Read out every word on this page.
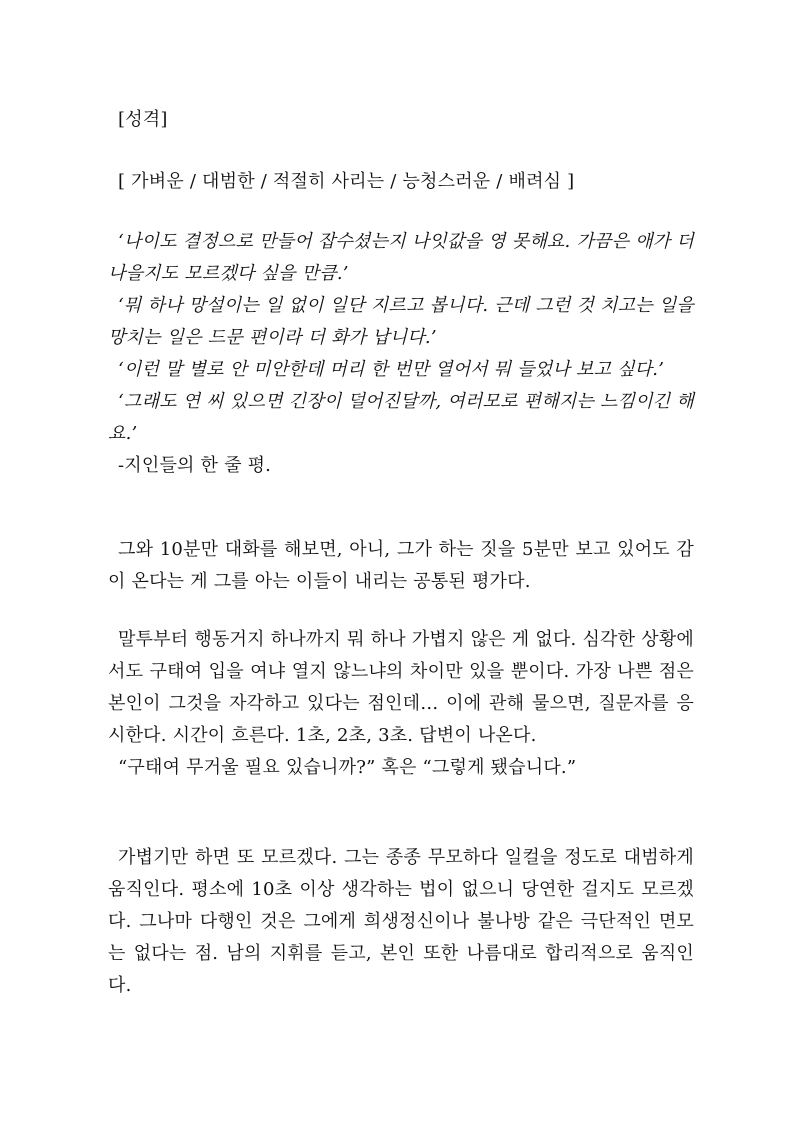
[성격]

[ 가벼운 / 대범한 / 적절히 사리는 / 능청스러운 / 배려심 ]

‘나이도 결정으로 만들어 잡수셨는지 나잇값을 영 못해요. 가끔은 애가 더 나을지도 모르겠다 싶을 만큼.’

‘뭐 하나 망설이는 일 없이 일단 지르고 봅니다. 근데 그런 것 치고는 일을 망치는 일은 드문 편이라 더 화가 납니다.’

‘이런 말 별로 안 미안한데 머리 한 번만 열어서 뭐 들었나 보고 싶다.’

‘그래도 연 씨 있으면 긴장이 덜어진달까, 여러모로 편해지는 느낌이긴 해요.’

-지인들의 한 줄 평.

그와 10분만 대화를 해보면, 아니, 그가 하는 짓을 5분만 보고 있어도 감이 온다는 게 그를 아는 이들이 내리는 공통된 평가다.

말투부터 행동거지 하나까지 뭐 하나 가볍지 않은 게 없다. 심각한 상황에서도 구태여 입을 여냐 열지 않느냐의 차이만 있을 뿐이다. 가장 나쁜 점은 본인이 그것을 자각하고 있다는 점인데… 이에 관해 물으면, 질문자를 응시한다. 시간이 흐른다. 1초, 2초, 3초. 답변이 나온다.

“구태여 무거울 필요 있습니까?” 혹은 “그렇게 됐습니다.”

가볍기만 하면 또 모르겠다. 그는 종종 무모하다 일컬을 정도로 대범하게 움직인다. 평소에 10초 이상 생각하는 법이 없으니 당연한 걸지도 모르겠다. 그나마 다행인 것은 그에게 희생정신이나 불나방 같은 극단적인 면모는 없다는 점. 남의 지휘를 듣고, 본인 또한 나름대로 합리적으로 움직인다.
